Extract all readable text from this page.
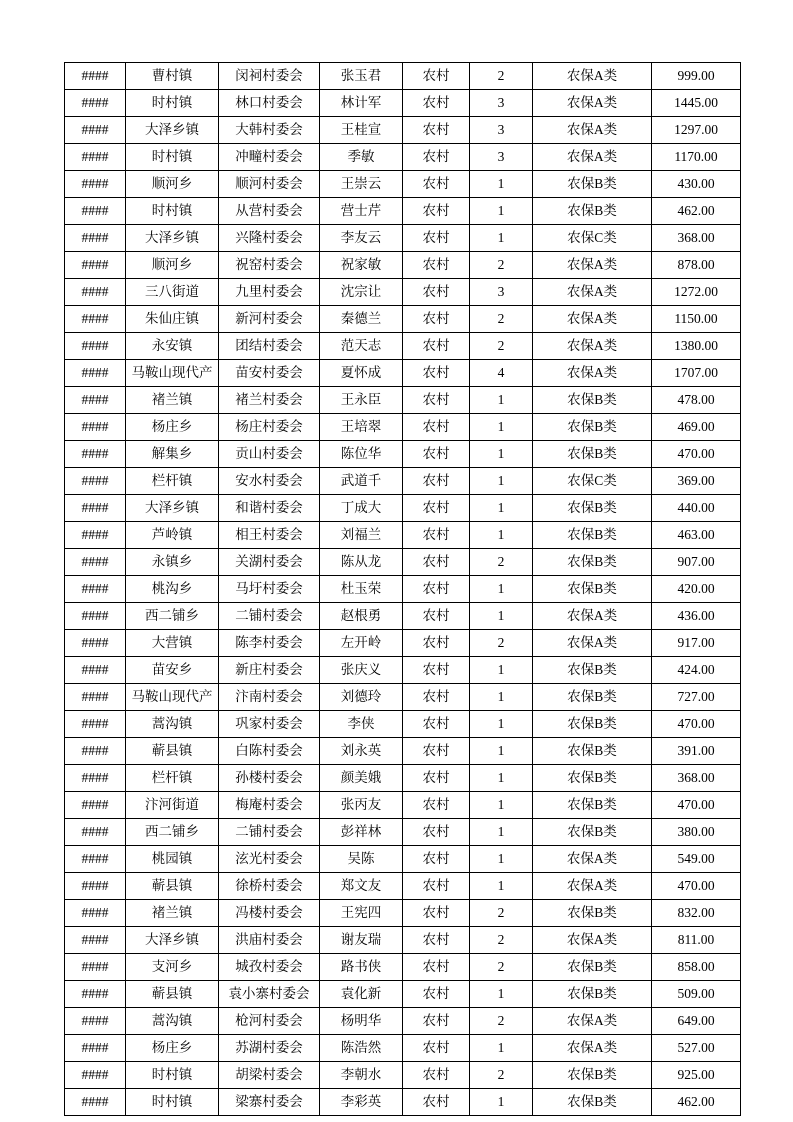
####	曹村镇	闵祠村委会	张玉君	农村	2	农保A类	999.00
####	时村镇	林口村委会	林计军	农村	3	农保A类	1445.00
####	大泽乡镇	大韩村委会	王桂宣	农村	3	农保A类	1297.00
####	时村镇	冲疃村委会	季敏	农村	3	农保A类	1170.00
####	顺河乡	顺河村委会	王崇云	农村	1	农保B类	430.00
####	时村镇	从营村委会	营士芹	农村	1	农保B类	462.00
####	大泽乡镇	兴隆村委会	李友云	农村	1	农保C类	368.00
####	顺河乡	祝窑村委会	祝家敏	农村	2	农保A类	878.00
####	三八街道	九里村委会	沈宗让	农村	3	农保A类	1272.00
####	朱仙庄镇	新河村委会	秦德兰	农村	2	农保A类	1150.00
####	永安镇	团结村委会	范天志	农村	2	农保A类	1380.00
####	马鞍山现代产	苗安村委会	夏怀成	农村	4	农保A类	1707.00
####	褚兰镇	褚兰村委会	王永臣	农村	1	农保B类	478.00
####	杨庄乡	杨庄村委会	王培翠	农村	1	农保B类	469.00
####	解集乡	贡山村委会	陈位华	农村	1	农保B类	470.00
####	栏杆镇	安水村委会	武道千	农村	1	农保C类	369.00
####	大泽乡镇	和谐村委会	丁成大	农村	1	农保B类	440.00
####	芦岭镇	相王村委会	刘福兰	农村	1	农保B类	463.00
####	永镇乡	关湖村委会	陈从龙	农村	2	农保B类	907.00
####	桃沟乡	马圩村委会	杜玉荣	农村	1	农保B类	420.00
####	西二铺乡	二铺村委会	赵根勇	农村	1	农保A类	436.00
####	大营镇	陈李村委会	左开岭	农村	2	农保A类	917.00
####	苗安乡	新庄村委会	张庆义	农村	1	农保B类	424.00
####	马鞍山现代产	汴南村委会	刘德玲	农村	1	农保B类	727.00
####	蒿沟镇	巩家村委会	李侠	农村	1	农保B类	470.00
####	蕲县镇	白陈村委会	刘永英	农村	1	农保B类	391.00
####	栏杆镇	孙楼村委会	颜美娥	农村	1	农保B类	368.00
####	汴河街道	梅庵村委会	张丙友	农村	1	农保B类	470.00
####	西二铺乡	二铺村委会	彭祥林	农村	1	农保B类	380.00
####	桃园镇	泫光村委会	吴陈	农村	1	农保A类	549.00
####	蕲县镇	徐桥村委会	郑文友	农村	1	农保A类	470.00
####	褚兰镇	冯楼村委会	王宪四	农村	2	农保B类	832.00
####	大泽乡镇	洪庙村委会	谢友瑞	农村	2	农保A类	811.00
####	支河乡	城孜村委会	路书侠	农村	2	农保B类	858.00
####	蕲县镇	袁小寨村委会	袁化新	农村	1	农保B类	509.00
####	蒿沟镇	枪河村委会	杨明华	农村	2	农保A类	649.00
####	杨庄乡	苏湖村委会	陈浩然	农村	1	农保A类	527.00
####	时村镇	胡梁村委会	李朝水	农村	2	农保B类	925.00
####	时村镇	梁寨村委会	李彩英	农村	1	农保B类	462.00
